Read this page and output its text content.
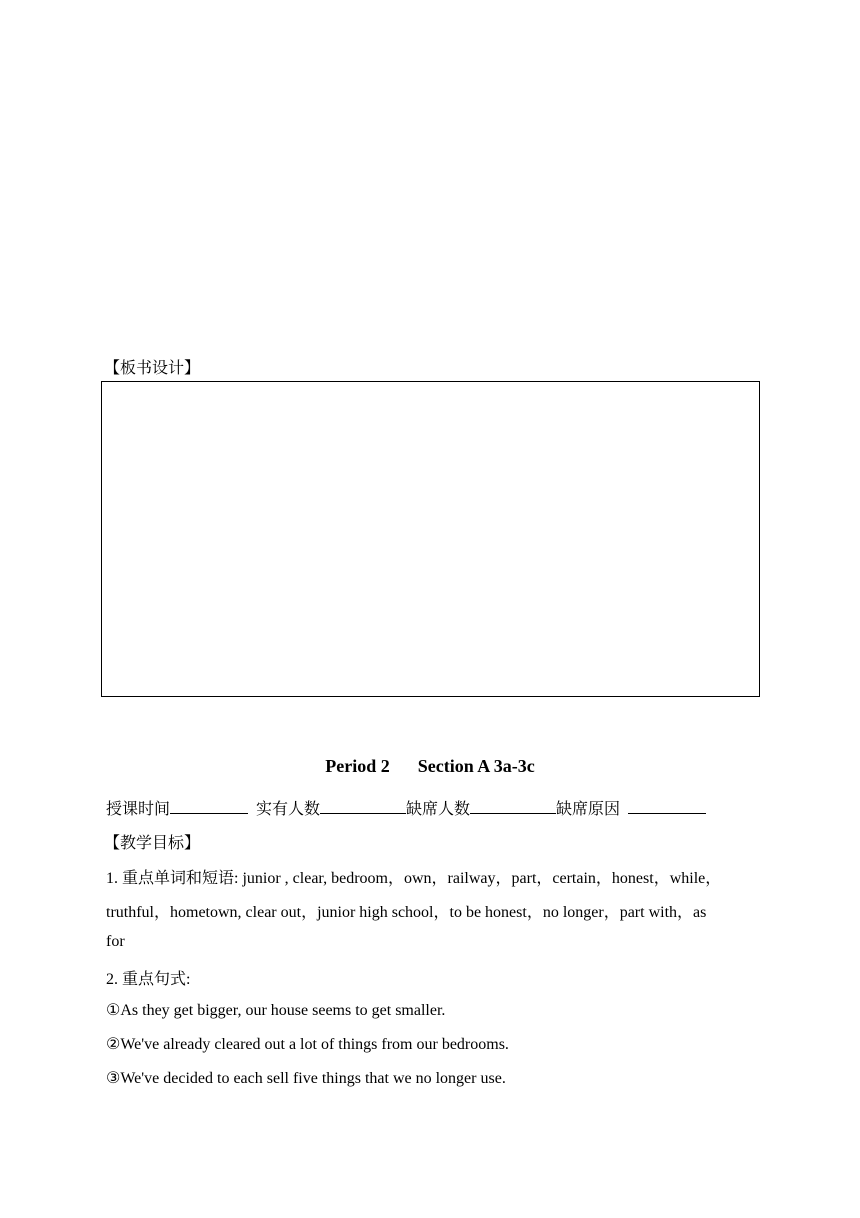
【板书设计】
Period 2 Section A 3a-3c
授课时间	实有人数	缺席人数	缺席原因
【教学目标】
1. 重点单词和短语: junior , clear, bedroom，own，railway，part，certain，honest，while，
truthful，hometown, clear out，junior high school，to be honest，no longer，part with，as
for
2. 重点句式:
①As they get bigger, our house seems to get smaller.
②We've already cleared out a lot of things from our bedrooms.
③We've decided to each sell five things that we no longer use.
